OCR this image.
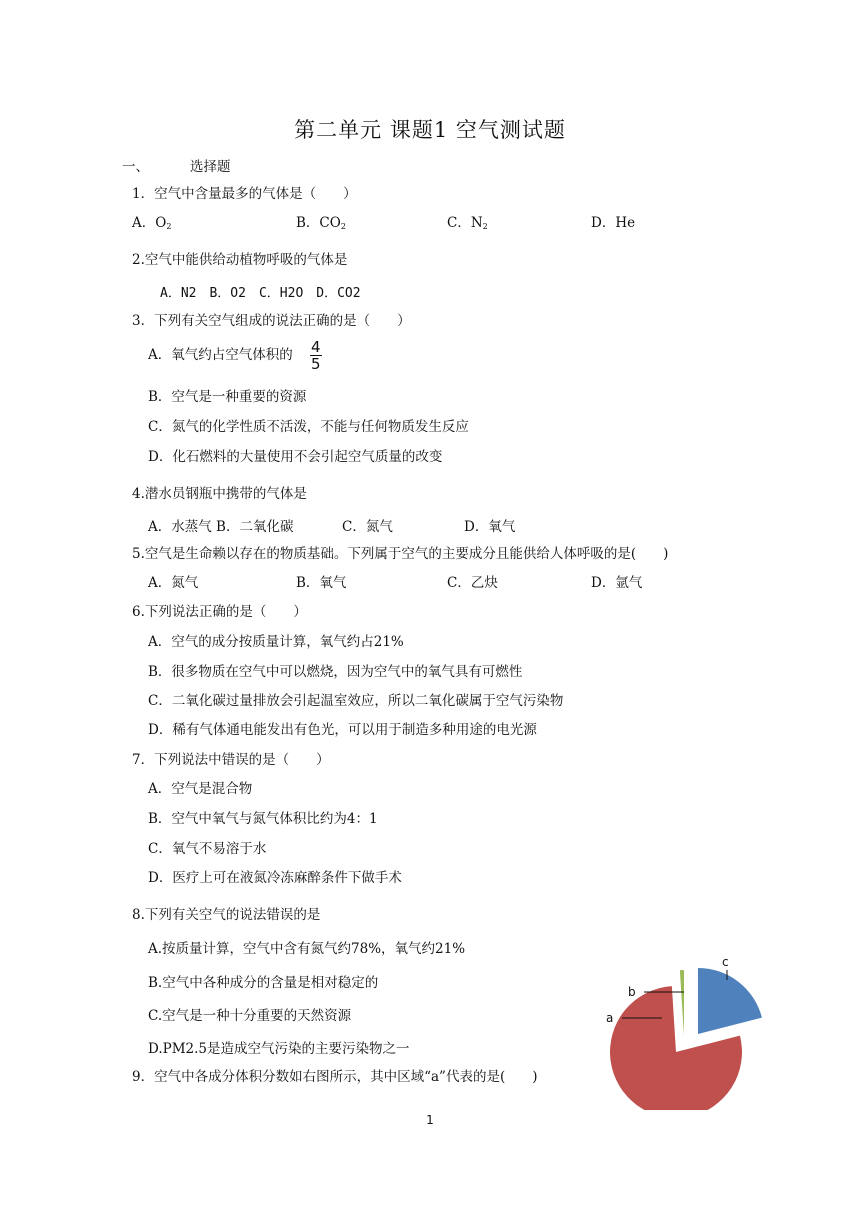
第二单元 课题1 空气测试题
一、	选择题
1．空气中含量最多的气体是（　　）
A．$O_2$	B．$CO_2$	C．$N_2$	D．He
2.空气中能供给动植物呼吸的气体是
A．N2　B．O2　C．H2O　D．CO2
3．下列有关空气组成的说法正确的是（　　）
A．氧气约占空气体积的 $\frac{4}{5}$
B．空气是一种重要的资源
C．氮气的化学性质不活泼，不能与任何物质发生反应
D．化石燃料的大量使用不会引起空气质量的改变
4.潜水员钢瓶中携带的气体是
A．水蒸气 B．二氧化碳	C．氮气	D．氧气
5.空气是生命赖以存在的物质基础。下列属于空气的主要成分且能供给人体呼吸的是(　　)
A．氮气	B．氧气	C．乙炔	D．氩气
6.下列说法正确的是（　　）
A．空气的成分按质量计算，氧气约占21%
B．很多物质在空气中可以燃烧，因为空气中的氧气具有可燃性
C．二氧化碳过量排放会引起温室效应，所以二氧化碳属于空气污染物
D．稀有气体通电能发出有色光，可以用于制造多种用途的电光源
7．下列说法中错误的是（　　）
A．空气是混合物
B．空气中氧气与氮气体积比约为4：1
C．氧气不易溶于水
D．医疗上可在液氮冷冻麻醉条件下做手术
8.下列有关空气的说法错误的是
A.按质量计算，空气中含有氮气约78%，氧气约21%
B.空气中各种成分的含量是相对稳定的
C.空气是一种十分重要的天然资源
D.PM2.5是造成空气污染的主要污染物之一
9．空气中各成分体积分数如右图所示，其中区域“a”代表的是(　　)
a
b
c
1
